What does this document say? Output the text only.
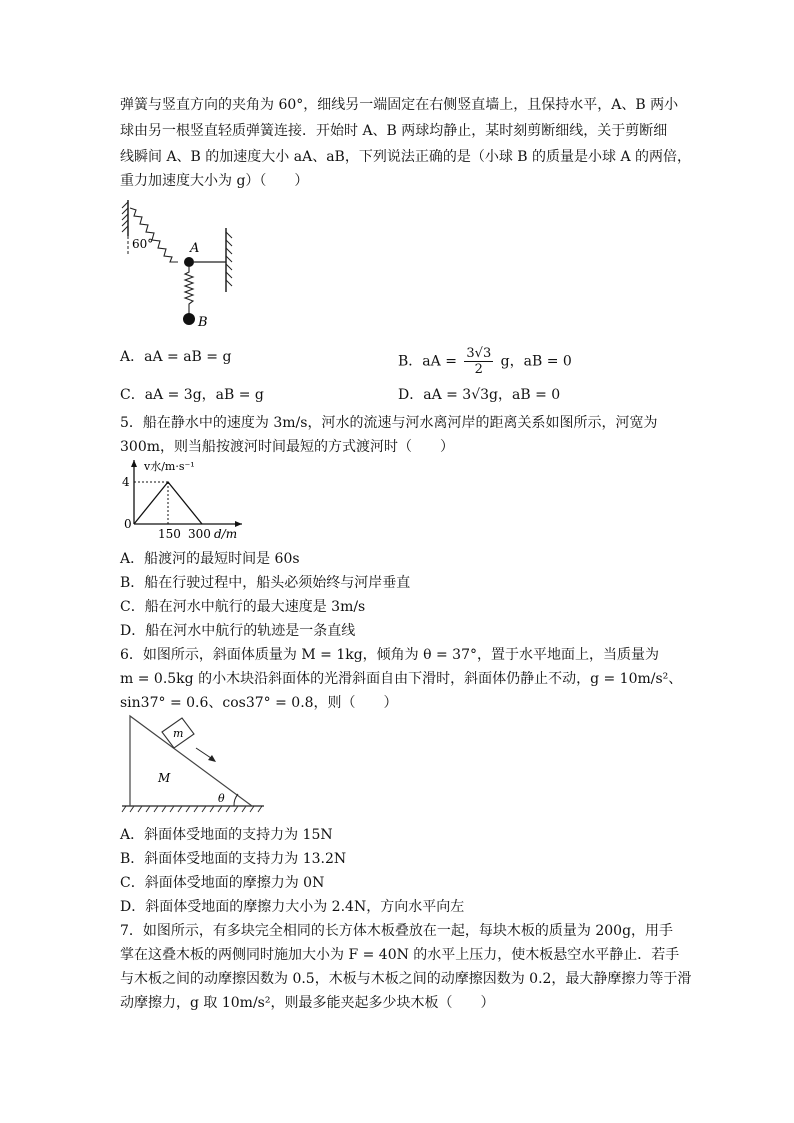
弹簧与竖直方向的夹角为 60°，细线另一端固定在右侧竖直墙上，且保持水平，A、B 两小
球由另一根竖直轻质弹簧连接．开始时 A、B 两球均静止，某时刻剪断细线，关于剪断细
线瞬间 A、B 的加速度大小 aA、aB，下列说法正确的是（小球 B 的质量是小球 A 的两倍，
重力加速度大小为 g）（　　）
60°	A
B
A．aA = aB = g	B．aA = $\frac{3√3}{2}$ g，aB = 0
C．aA = 3g，aB = g	D．aA = 3√3g，aB = 0
5．船在静水中的速度为 3m/s，河水的流速与河水离河岸的距离关系如图所示，河宽为
300m，则当船按渡河时间最短的方式渡河时（　　）
v水/m·s⁻¹
0
4
150 300 d/m
A．船渡河的最短时间是 60s
B．船在行驶过程中，船头必须始终与河岸垂直
C．船在河水中航行的最大速度是 3m/s
D．船在河水中航行的轨迹是一条直线
6．如图所示，斜面体质量为 M = 1kg，倾角为 θ = 37°，置于水平地面上，当质量为
m = 0.5kg 的小木块沿斜面体的光滑斜面自由下滑时，斜面体仍静止不动，g = 10m/s²、
sin37° = 0.6、cos37° = 0.8，则（　　）
M
m
θ
A．斜面体受地面的支持力为 15N
B．斜面体受地面的支持力为 13.2N
C．斜面体受地面的摩擦力为 0N
D．斜面体受地面的摩擦力大小为 2.4N，方向水平向左
7．如图所示，有多块完全相同的长方体木板叠放在一起，每块木板的质量为 200g，用手
掌在这叠木板的两侧同时施加大小为 F = 40N 的水平上压力，使木板悬空水平静止．若手
与木板之间的动摩擦因数为 0.5，木板与木板之间的动摩擦因数为 0.2，最大静摩擦力等于滑
动摩擦力，g 取 10m/s²，则最多能夹起多少块木板（　　）
